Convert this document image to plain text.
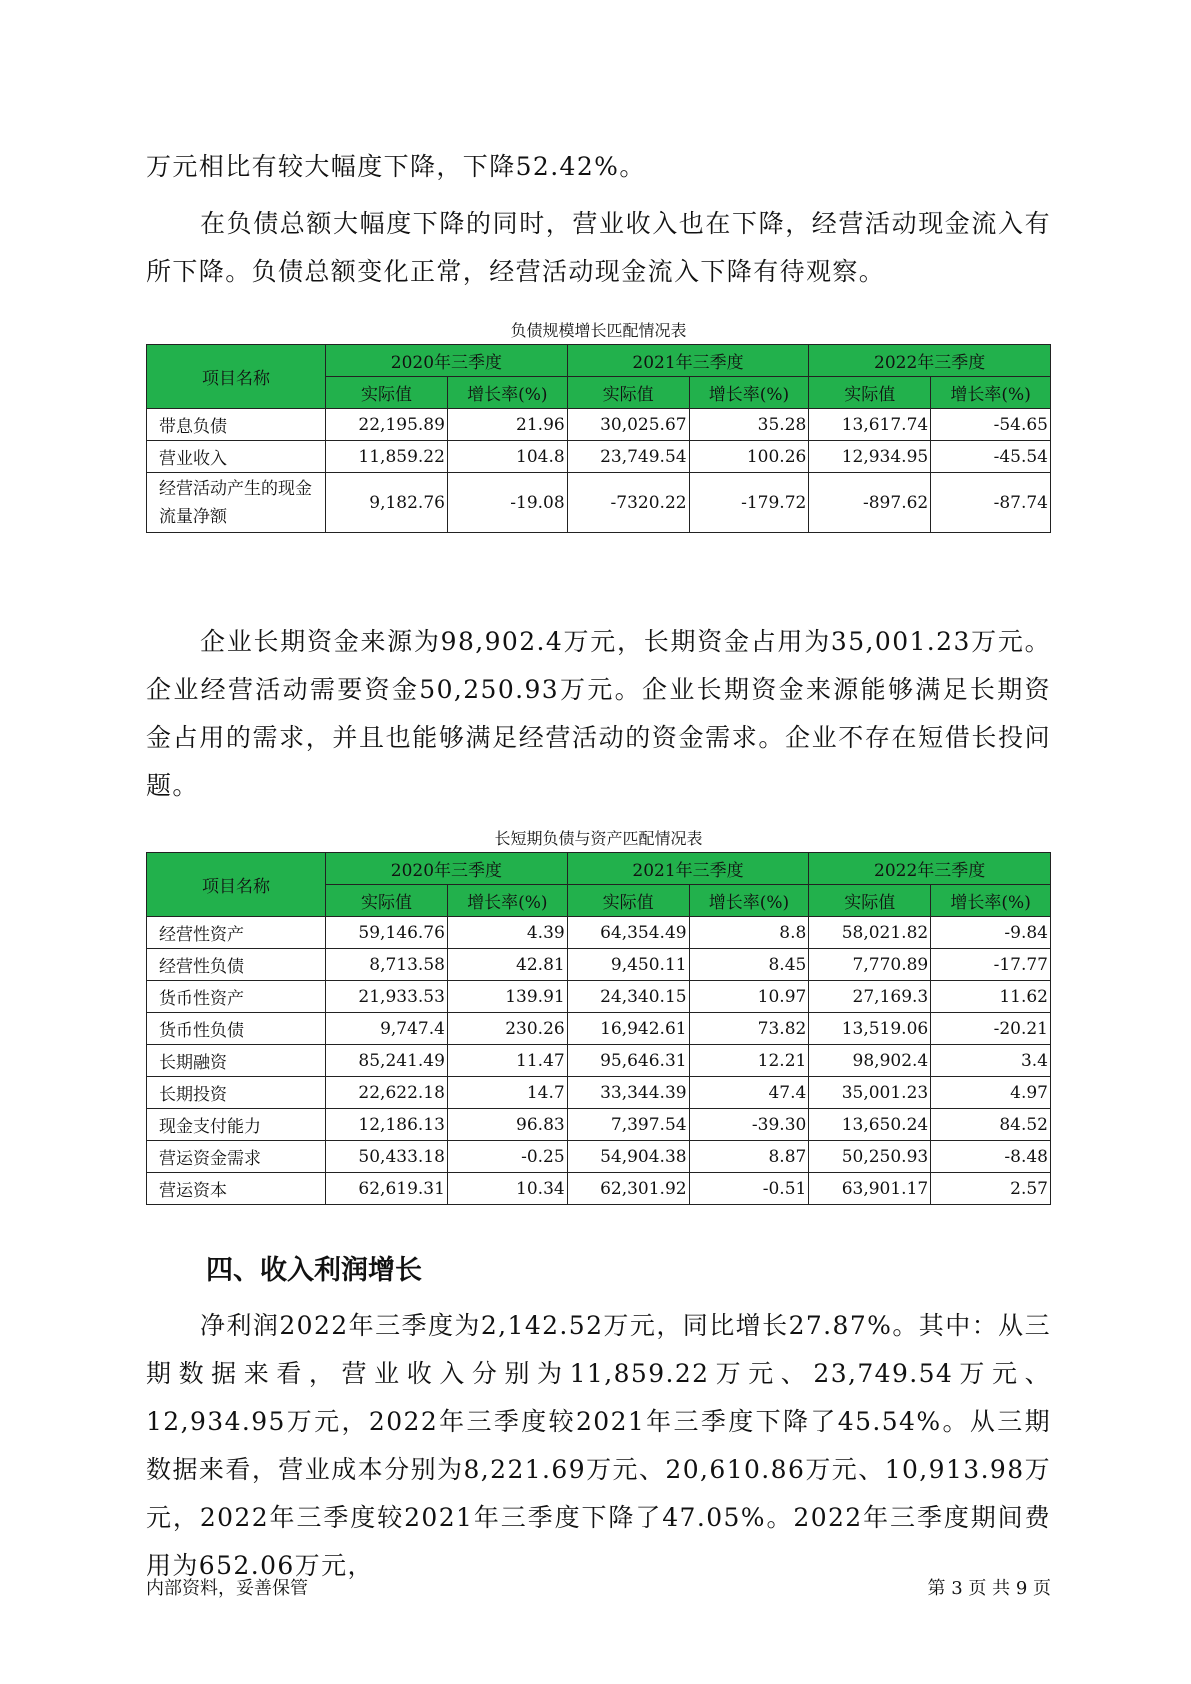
万元相比有较大幅度下降，下降52.42%。

在负债总额大幅度下降的同时，营业收入也在下降，经营活动现金流入有所下降。负债总额变化正常，经营活动现金流入下降有待观察。

负债规模增长匹配情况表

项目名称	2020年三季度		2021年三季度		2022年三季度	
	实际值	增长率(%)	实际值	增长率(%)	实际值	增长率(%)
带息负债	22,195.89	21.96	30,025.67	35.28	13,617.74	-54.65
营业收入	11,859.22	104.8	23,749.54	100.26	12,934.95	-45.54
经营活动产生的现金流量净额	9,182.76	-19.08	-7320.22	-179.72	-897.62	-87.74

企业长期资金来源为98,902.4万元，长期资金占用为35,001.23万元。企业经营活动需要资金50,250.93万元。企业长期资金来源能够满足长期资金占用的需求，并且也能够满足经营活动的资金需求。企业不存在短借长投问题。

长短期负债与资产匹配情况表

项目名称	2020年三季度		2021年三季度		2022年三季度	
	实际值	增长率(%)	实际值	增长率(%)	实际值	增长率(%)
经营性资产	59,146.76	4.39	64,354.49	8.8	58,021.82	-9.84
经营性负债	8,713.58	42.81	9,450.11	8.45	7,770.89	-17.77
货币性资产	21,933.53	139.91	24,340.15	10.97	27,169.3	11.62
货币性负债	9,747.4	230.26	16,942.61	73.82	13,519.06	-20.21
长期融资	85,241.49	11.47	95,646.31	12.21	98,902.4	3.4
长期投资	22,622.18	14.7	33,344.39	47.4	35,001.23	4.97
现金支付能力	12,186.13	96.83	7,397.54	-39.30	13,650.24	84.52
营运资金需求	50,433.18	-0.25	54,904.38	8.87	50,250.93	-8.48
营运资本	62,619.31	10.34	62,301.92	-0.51	63,901.17	2.57
四、收入利润增长

净利润2022年三季度为2,142.52万元，同比增长27.87%。其中：从三期数据来看，营业收入分别为11,859.22万元、23,749.54万元、12,934.95万元，2022年三季度较2021年三季度下降了45.54%。从三期数据来看，营业成本分别为8,221.69万元、20,610.86万元、10,913.98万元，2022年三季度较2021年三季度下降了47.05%。2022年三季度期间费用为652.06万元，

内部资料，妥善保管	第 3 页 共 9 页
